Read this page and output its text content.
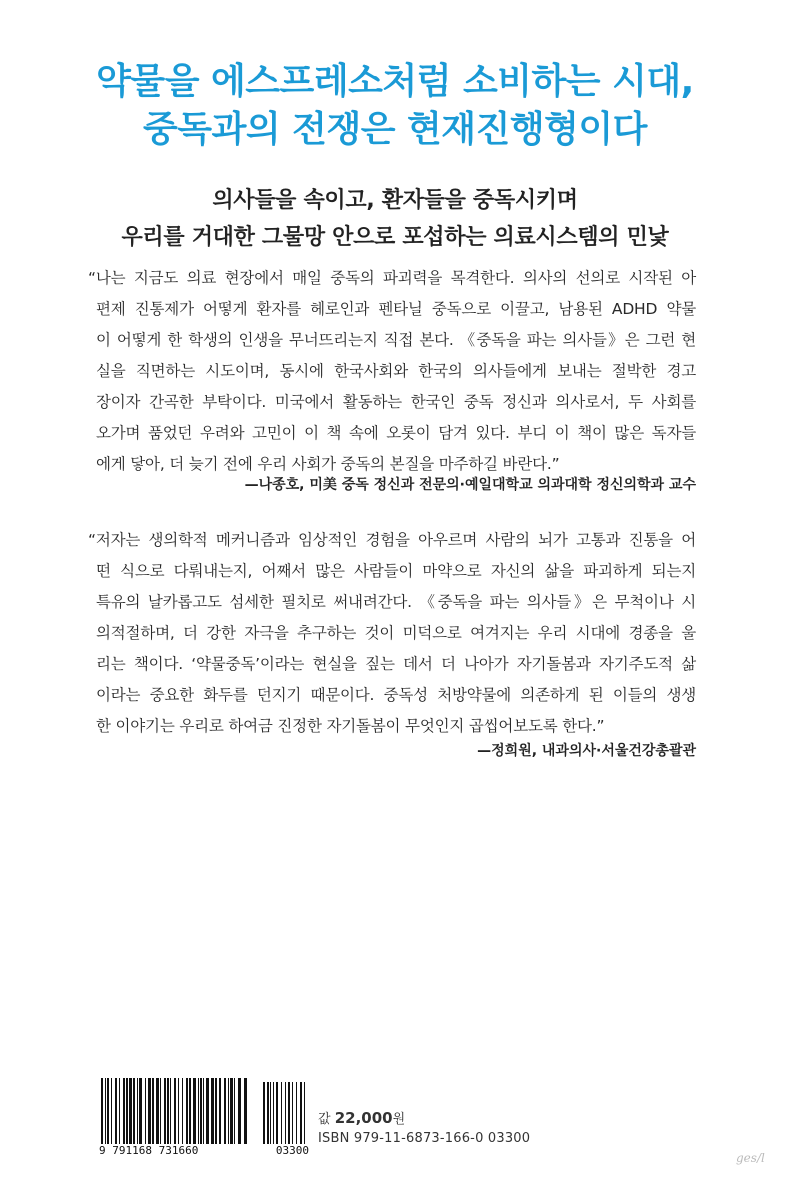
약물을 에스프레소처럼 소비하는 시대,
중독과의 전쟁은 현재진행형이다
의사들을 속이고, 환자들을 중독시키며
우리를 거대한 그물망 안으로 포섭하는 의료시스템의 민낯
“나는 지금도 의료 현장에서 매일 중독의 파괴력을 목격한다. 의사의 선의로 시작된 아
편제 진통제가 어떻게 환자를 헤로인과 펜타닐 중독으로 이끌고, 남용된 ADHD 약물
이 어떻게 한 학생의 인생을 무너뜨리는지 직접 본다. 《중독을 파는 의사들》은 그런 현
실을 직면하는 시도이며, 동시에 한국사회와 한국의 의사들에게 보내는 절박한 경고
장이자 간곡한 부탁이다. 미국에서 활동하는 한국인 중독 정신과 의사로서, 두 사회를
오가며 품었던 우려와 고민이 이 책 속에 오롯이 담겨 있다. 부디 이 책이 많은 독자들
에게 닿아, 더 늦기 전에 우리 사회가 중독의 본질을 마주하길 바란다.”
—나종호, 미美 중독 정신과 전문의·예일대학교 의과대학 정신의학과 교수
“저자는 생의학적 메커니즘과 임상적인 경험을 아우르며 사람의 뇌가 고통과 진통을 어
떤 식으로 다뤄내는지, 어째서 많은 사람들이 마약으로 자신의 삶을 파괴하게 되는지
특유의 날카롭고도 섬세한 필치로 써내려간다. 《중독을 파는 의사들》은 무척이나 시
의적절하며, 더 강한 자극을 추구하는 것이 미덕으로 여겨지는 우리 시대에 경종을 울
리는 책이다. ‘약물중독’이라는 현실을 짚는 데서 더 나아가 자기돌봄과 자기주도적 삶
이라는 중요한 화두를 던지기 때문이다. 중독성 처방약물에 의존하게 된 이들의 생생
한 이야기는 우리로 하여금 진정한 자기돌봄이 무엇인지 곱씹어보도록 한다.”
—정희원, 내과의사·서울건강총괄관
9 791168 731660	03300
값 22,000원
ISBN 979-11-6873-166-0 03300
ges/l
